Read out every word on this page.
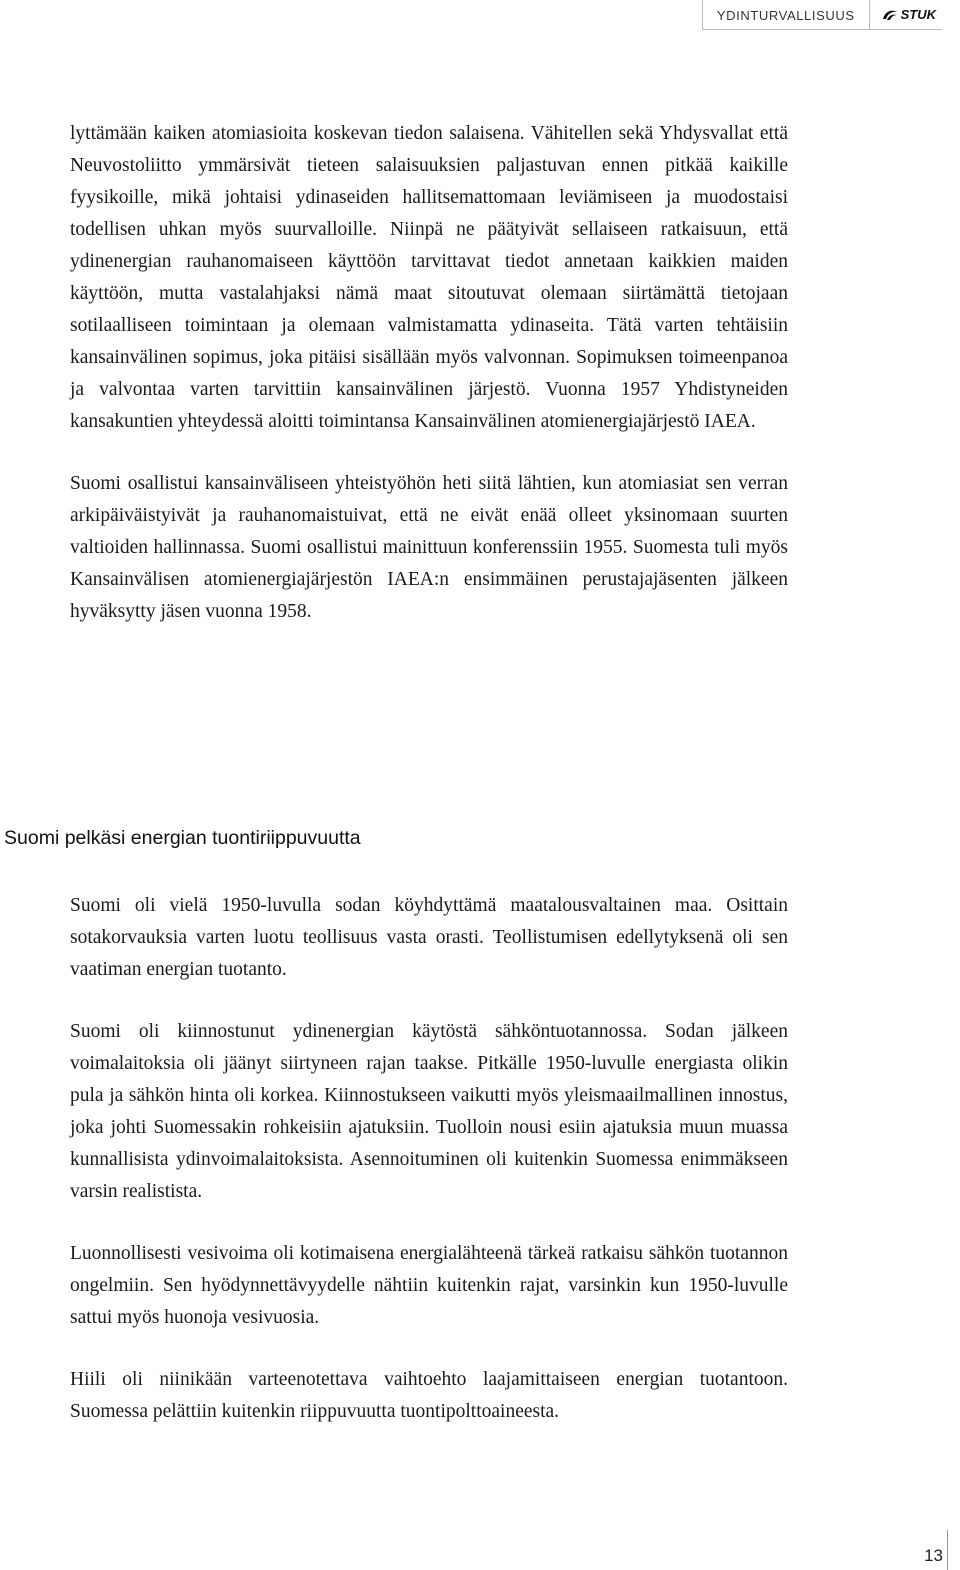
YDINTURVALLISUUS	STUK

lyttämään kaiken atomiasioita koskevan tiedon salaisena. Vähitellen sekä Yhdysvallat että Neuvostoliitto ymmärsivät tieteen salaisuuksien paljastuvan ennen pitkää kaikille fyysikoille, mikä johtaisi ydinaseiden hallitsemattomaan leviämiseen ja muodostaisi todellisen uhkan myös suurvalloille. Niinpä ne päätyivät sellaiseen ratkaisuun, että ydinenergian rauhanomaiseen käyttöön tarvittavat tiedot annetaan kaikkien maiden käyttöön, mutta vastalahjaksi nämä maat sitoutuvat olemaan siirtämättä tietojaan sotilaalliseen toimintaan ja olemaan valmistamatta ydinaseita. Tätä varten tehtäisiin kansainvälinen sopimus, joka pitäisi sisällään myös valvonnan. Sopimuksen toimeenpanoa ja valvontaa varten tarvittiin kansainvälinen järjestö. Vuonna 1957 Yhdistyneiden kansakuntien yhteydessä aloitti toimintansa Kansainvälinen atomienergiajärjestö IAEA.

Suomi osallistui kansainväliseen yhteistyöhön heti siitä lähtien, kun atomiasiat sen verran arkipäiväistyivät ja rauhanomaistuivat, että ne eivät enää olleet yksinomaan suurten valtioiden hallinnassa. Suomi osallistui mainittuun konferenssiin 1955. Suomesta tuli myös Kansainvälisen atomienergiajärjestön IAEA:n ensimmäinen perustajajäsenten jälkeen hyväksytty jäsen vuonna 1958.

Suomi pelkäsi energian tuontiriippuvuutta

Suomi oli vielä 1950-luvulla sodan köyhdyttämä maatalousvaltainen maa. Osittain sotakorvauksia varten luotu teollisuus vasta orasti. Teollistumisen edellytyksenä oli sen vaatiman energian tuotanto.

Suomi oli kiinnostunut ydinenergian käytöstä sähköntuotannossa. Sodan jälkeen voimalaitoksia oli jäänyt siirtyneen rajan taakse. Pitkälle 1950-luvulle energiasta olikin pula ja sähkön hinta oli korkea. Kiinnostukseen vaikutti myös yleismaailmallinen innostus, joka johti Suomessakin rohkeisiin ajatuksiin. Tuolloin nousi esiin ajatuksia muun muassa kunnallisista ydinvoimalaitoksista. Asennoituminen oli kuitenkin Suomessa enimmäkseen varsin realistista.

Luonnollisesti vesivoima oli kotimaisena energialähteenä tärkeä ratkaisu sähkön tuotannon ongelmiin. Sen hyödynnettävyydelle nähtiin kuitenkin rajat, varsinkin kun 1950-luvulle sattui myös huonoja vesivuosia.

Hiili oli niinikään varteenotettava vaihtoehto laajamittaiseen energian tuotantoon. Suomessa pelättiin kuitenkin riippuvuutta tuontipolttoaineesta.

13
